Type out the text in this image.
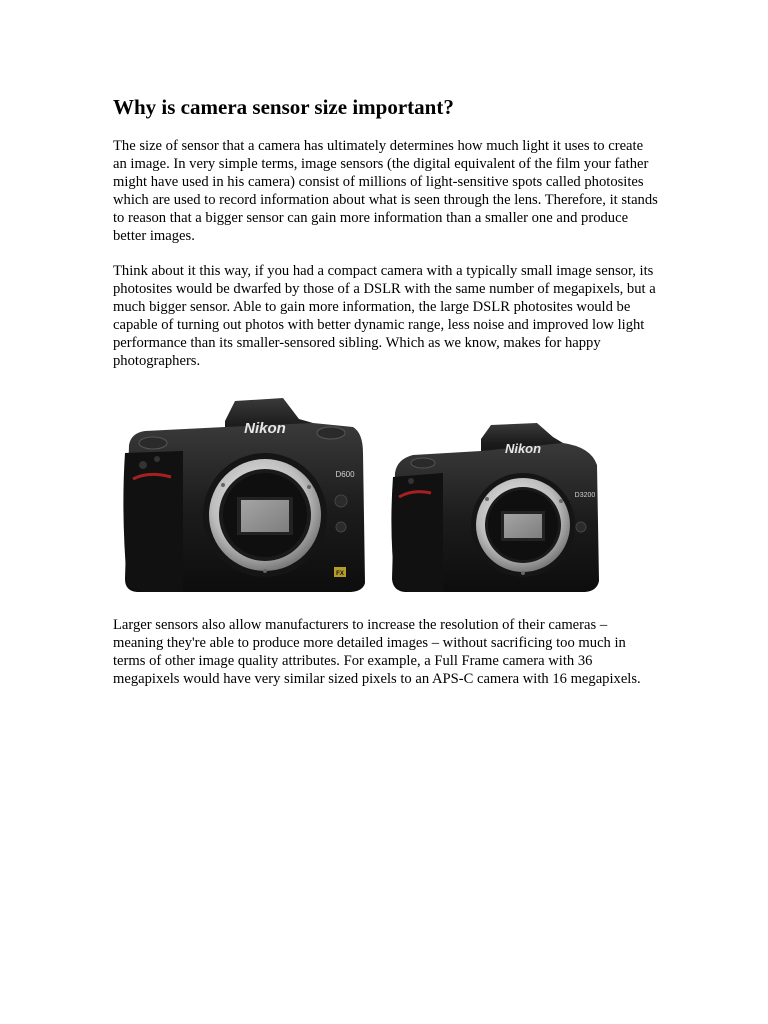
Why is camera sensor size important?

The size of sensor that a camera has ultimately determines how much light it uses to create an image. In very simple terms, image sensors (the digital equivalent of the film your father might have used in his camera) consist of millions of light-sensitive spots called photosites which are used to record information about what is seen through the lens. Therefore, it stands to reason that a bigger sensor can gain more information than a smaller one and produce better images.

Think about it this way, if you had a compact camera with a typically small image sensor, its photosites would be dwarfed by those of a DSLR with the same number of megapixels, but a much bigger sensor. Able to gain more information, the large DSLR photosites would be capable of turning out photos with better dynamic range, less noise and improved low light performance than its smaller-sensored sibling. Which as we know, makes for happy photographers.

Nikon
D600
FX
Nikon
D3200

Larger sensors also allow manufacturers to increase the resolution of their cameras – meaning they're able to produce more detailed images – without sacrificing too much in terms of other image quality attributes. For example, a Full Frame camera with 36 megapixels would have very similar sized pixels to an APS-C camera with 16 megapixels.
